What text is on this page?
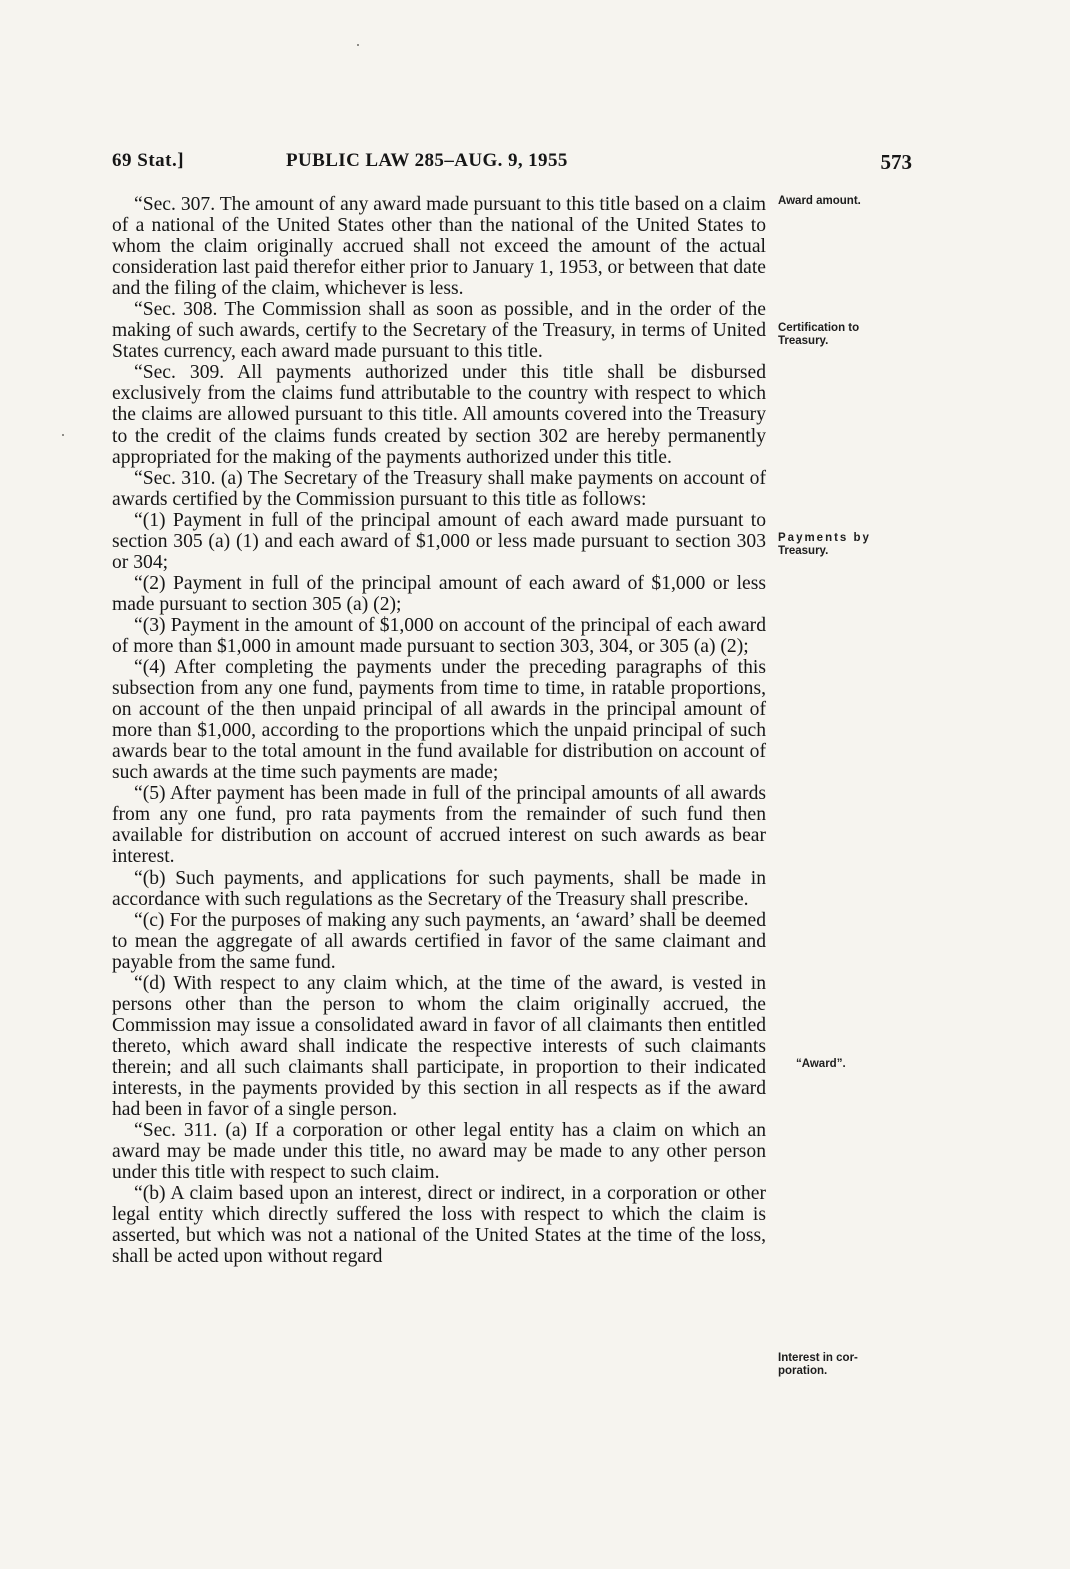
69 Stat.]	PUBLIC LAW 285–AUG. 9, 1955	573

“Sec. 307. The amount of any award made pursuant to this title based on a claim of a national of the United States other than the national of the United States to whom the claim originally accrued shall not exceed the amount of the actual consideration last paid therefor either prior to January 1, 1953, or between that date and the filing of the claim, whichever is less.

“Sec. 308. The Commission shall as soon as possible, and in the order of the making of such awards, certify to the Secretary of the Treasury, in terms of United States currency, each award made pursuant to this title.

“Sec. 309. All payments authorized under this title shall be disbursed exclusively from the claims fund attributable to the country with respect to which the claims are allowed pursuant to this title. All amounts covered into the Treasury to the credit of the claims funds created by section 302 are hereby permanently appropriated for the making of the payments authorized under this title.

“Sec. 310. (a) The Secretary of the Treasury shall make payments on account of awards certified by the Commission pursuant to this title as follows:

“(1) Payment in full of the principal amount of each award made pursuant to section 305 (a) (1) and each award of $1,000 or less made pursuant to section 303 or 304;

“(2) Payment in full of the principal amount of each award of $1,000 or less made pursuant to section 305 (a) (2);

“(3) Payment in the amount of $1,000 on account of the principal of each award of more than $1,000 in amount made pursuant to section 303, 304, or 305 (a) (2);

“(4) After completing the payments under the preceding paragraphs of this subsection from any one fund, payments from time to time, in ratable proportions, on account of the then unpaid principal of all awards in the principal amount of more than $1,000, according to the proportions which the unpaid principal of such awards bear to the total amount in the fund available for distribution on account of such awards at the time such payments are made;

“(5) After payment has been made in full of the principal amounts of all awards from any one fund, pro rata payments from the remainder of such fund then available for distribution on account of accrued interest on such awards as bear interest.

“(b) Such payments, and applications for such payments, shall be made in accordance with such regulations as the Secretary of the Treasury shall prescribe.

“(c) For the purposes of making any such payments, an ‘award’ shall be deemed to mean the aggregate of all awards certified in favor of the same claimant and payable from the same fund.

“(d) With respect to any claim which, at the time of the award, is vested in persons other than the person to whom the claim originally accrued, the Commission may issue a consolidated award in favor of all claimants then entitled thereto, which award shall indicate the respective interests of such claimants therein; and all such claimants shall participate, in proportion to their indicated interests, in the payments provided by this section in all respects as if the award had been in favor of a single person.

“Sec. 311. (a) If a corporation or other legal entity has a claim on which an award may be made under this title, no award may be made to any other person under this title with respect to such claim.

“(b) A claim based upon an interest, direct or indirect, in a corporation or other legal entity which directly suffered the loss with respect to which the claim is asserted, but which was not a national of the United States at the time of the loss, shall be acted upon without regard

Award amount.
Certification to
Treasury.
Payments by
Treasury.
“Award”.
Interest in cor-
poration.
